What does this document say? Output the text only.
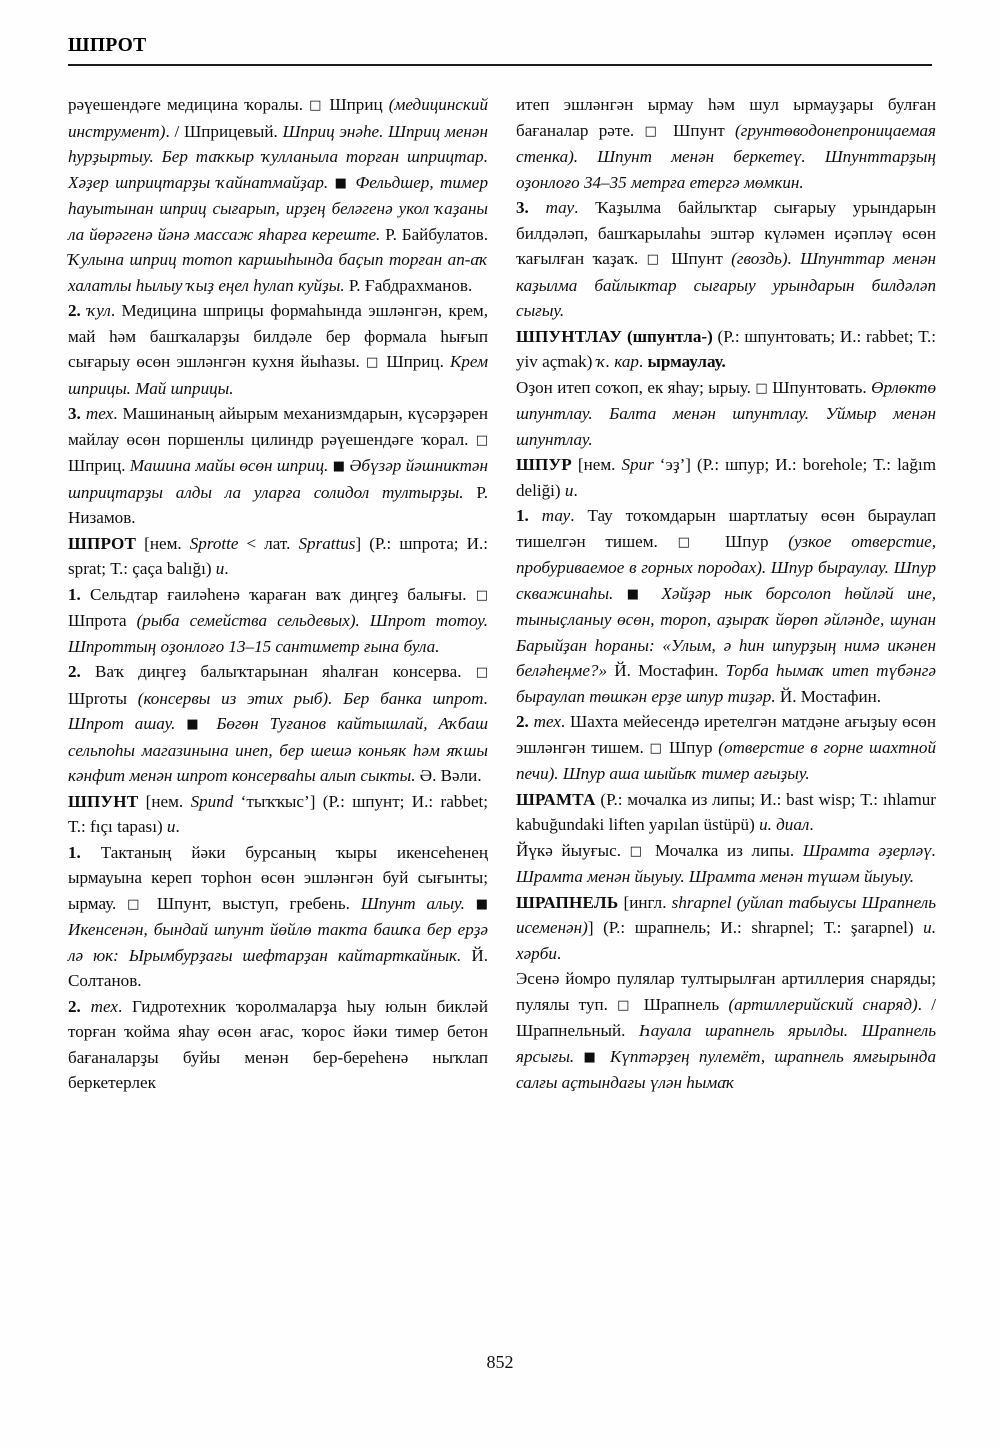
ШПРОТ

рәүешендәге медицина ҡоралы. □ Шприц (медицинский инструмент). / Шприцевый. Шприц энәһе. Шприц менән һурҙыртыу. Бер таҡкыр ҡулланыла торған шприцтар. Хәҙер шприцтарҙы ҡайнатмайҙар. ■ Фельдшер, тимер һауытынан шприц сығарып, ирҙең беләгенә укол ҡаҙаны ла йөрәгенә йәнә массаж яһарға кереште. Р. Байбулатов. Ҡулына шприц тотоп каршыһында баҫып торған ап-аҡ халатлы һылыу ҡыҙ еңел һулап куйҙы. Р. Ғабдрахманов.

2. ҡул. Медицина шприцы формаһында эшләнгән, крем, май һәм башҡаларҙы билдәле бер формала һығып сығарыу өсөн эшләнгән кухня йыһазы. □ Шприц. Крем шприцы. Май шприцы.

3. тех. Машинаның айырым механизмдарын, күсәрҙәрен майлау өсөн поршенлы цилиндр рәүешендәге ҡорал. □ Шприц. Машина майы өсөн шприц. ■ Әбүзәр йәшниктән шприцтарҙы алды ла уларға солидол тултырҙы. Р. Низамов.

ШПРОТ [нем. Sprotte < лат. Sprattus] (Р.: шпрота; И.: sprat; Т.: çaça balığı) и.

1. Сельдтар ғаиләһенә ҡараған ваҡ диңгеҙ балығы. □ Шпрота (рыба семейства сельдевых). Шпрот тотоу. Шпроттың оҙонлоғо 13–15 сантиметр ғына була.

2. Ваҡ диңгеҙ балыҡтарынан яһалған консерва. □ Шproты (консервы из этих рыб). Бер банка шпрот. Шпрот ашау. ■ Бөгөн Туғанов кайтышлай, Аҡбаш сельпоһы магазинына инеп, бер шешә коньяк һәм яҡшы кәнфит менән шпрот консерваһы алып сыкты. Ә. Вәли.

ШПУНТ [нем. Spund ‘тыҡҡыс’] (Р.: шпунт; И.: rabbet; Т.: fıçı tapası) и.

1. Тактаның йәки бурсаның ҡыры икенсеһенең ырмауына кереп торһон өсөн эшләнгән буй сығынты; ырмау. □ Шпунт, выступ, гребень. Шпунт алыу. ■ Икенсенән, бындай шпунт йөйлө такта башҡа бер ерҙә лә юк: Ырымбурҙағы шефтарҙан кайтарткайнык. Й. Солтанов.

2. тех. Гидротехник ҡоролмаларҙа һыу юлын бикләй торған ҡойма яһау өсөн ағас, ҡорос йәки тимер бетон бағаналарҙы буйы менән бер-береһенә ныҡлап беркетерлек

итеп эшләнгән ырмау һәм шул ырмауҙары булған бағаналар рәте. □ Шпунт (грунтөводонепроницаемая стенка). Шпунт менән беркетеү. Шпунттарҙың оҙонлоғо 34–35 метрға етергә мөмкин.

3. тау. Ҡаҙылма байлыҡтар сығарыу урындарын билдәләп, башҡарылаһы эштәр күләмен иҫәпләү өсөн ҡағылған ҡаҙаҡ. □ Шпунт (гвоздь). Шпунттар менән каҙылма байлыктар сығарыу урындарын билдәләп сығыу.

ШПУНТЛАУ (шпунтла-) (Р.: шпунтовать; И.: rabbet; Т.: yiv açmak) ҡ. кар. ырмаулау.

Оҙон итеп соҡоп, ек яһау; ырыу. □ Шпунтовать. Өрлөктө шпунтлау. Балта менән шпунтлау. Уймыр менән шпунтлау.

ШПУР [нем. Spur ‘эҙ’] (Р.: шпур; И.: borehole; Т.: lağım deliği) и.

1. тау. Тау тоҡомдарын шартлатыу өсөн быраулап тишелгән тишем. □ Шпур (узкое отверстие, пробуриваемое в горных породах). Шпур быраулау. Шпур скважинаһы. ■ Хәйҙәр нык борсолоп һөйләй ине, тыныҫланыу өсөн, тороп, аҙыраҡ йөрөп әйләнде, шунан Барыйҙан һораны: «Улым, ә һин шпурҙың нимә икәнен беләһеңме?» Й. Мостафин. Торба һымаҡ итеп түбәнгә быраулап төшкән ерҙе шпур тиҙәр. Й. Мостафин.

2. тех. Шахта мейесендә иретелгән матдәне ағыҙыу өсөн эшләнгән тишем. □ Шпур (отверстие в горне шахтной печи). Шпур аша шыйыҡ тимер ағыҙыу.

ШРАМТА (Р.: мочалка из липы; И.: bast wisp; Т.: ıhlamur kabuğundaki liften yapılan üstüpü) и. диал.

Йүкә йыуғыс. □ Мочалка из липы. Шрамта әҙерләү. Шрамта менән йыуыу. Шрамта менән түшәм йыуыу.

ШРАПНЕЛЬ [ингл. shrapnel (уйлап табыусы Шрапнель исеменән)] (Р.: шрапнель; И.: shrapnel; Т.: şarapnel) и. хәрби.

Эсенә йомро пулялар тултырылған артиллерия снаряды; пулялы туп. □ Шрапнель (артиллерийский снаряд). / Шрапнельный. Һауала шрапнель ярылды. Шрапнель ярсығы. ■ Күптәрҙең пулемёт, шрапнель ямғырында салғы аҫтындағы үлән һымаҡ

852
